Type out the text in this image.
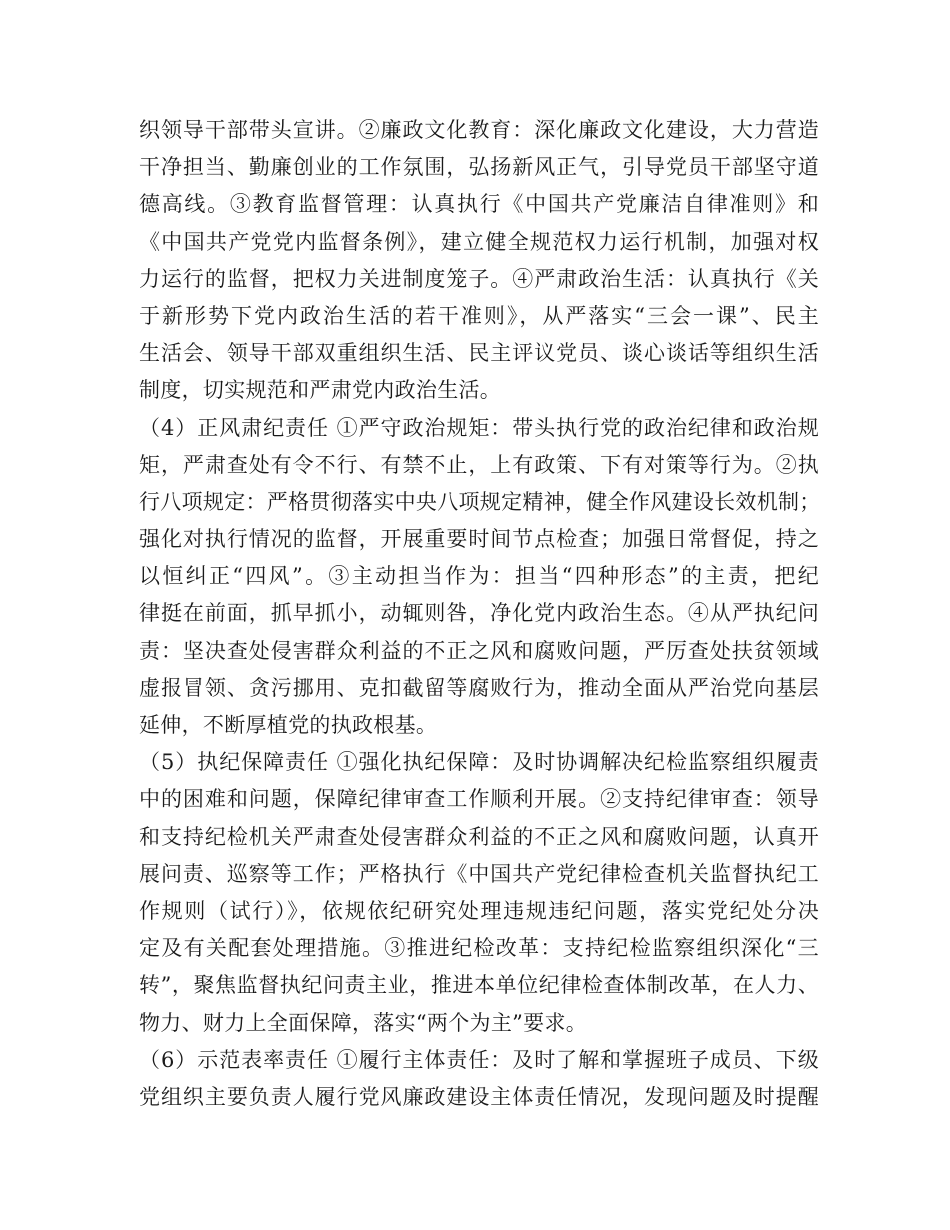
织领导干部带头宣讲。②廉政文化教育：深化廉政文化建设，大力营造
干净担当、勤廉创业的工作氛围，弘扬新风正气，引导党员干部坚守道
德高线。③教育监督管理：认真执行《中国共产党廉洁自律准则》和
《中国共产党党内监督条例》，建立健全规范权力运行机制，加强对权
力运行的监督，把权力关进制度笼子。④严肃政治生活：认真执行《关
于新形势下党内政治生活的若干准则》，从严落实“三会一课”、民主
生活会、领导干部双重组织生活、民主评议党员、谈心谈话等组织生活
制度，切实规范和严肃党内政治生活。
（4）正风肃纪责任 ①严守政治规矩：带头执行党的政治纪律和政治规
矩，严肃查处有令不行、有禁不止，上有政策、下有对策等行为。②执
行八项规定：严格贯彻落实中央八项规定精神，健全作风建设长效机制；
强化对执行情况的监督，开展重要时间节点检查；加强日常督促，持之
以恒纠正“四风”。③主动担当作为：担当“四种形态”的主责，把纪
律挺在前面，抓早抓小，动辄则咎，净化党内政治生态。④从严执纪问
责：坚决查处侵害群众利益的不正之风和腐败问题，严厉查处扶贫领域
虚报冒领、贪污挪用、克扣截留等腐败行为，推动全面从严治党向基层
延伸，不断厚植党的执政根基。
（5）执纪保障责任 ①强化执纪保障：及时协调解决纪检监察组织履责
中的困难和问题，保障纪律审查工作顺利开展。②支持纪律审查：领导
和支持纪检机关严肃查处侵害群众利益的不正之风和腐败问题，认真开
展问责、巡察等工作；严格执行《中国共产党纪律检查机关监督执纪工
作规则（试行）》，依规依纪研究处理违规违纪问题，落实党纪处分决
定及有关配套处理措施。③推进纪检改革：支持纪检监察组织深化“三
转”，聚焦监督执纪问责主业，推进本单位纪律检查体制改革，在人力、
物力、财力上全面保障，落实“两个为主”要求。
（6）示范表率责任 ①履行主体责任：及时了解和掌握班子成员、下级
党组织主要负责人履行党风廉政建设主体责任情况，发现问题及时提醒
